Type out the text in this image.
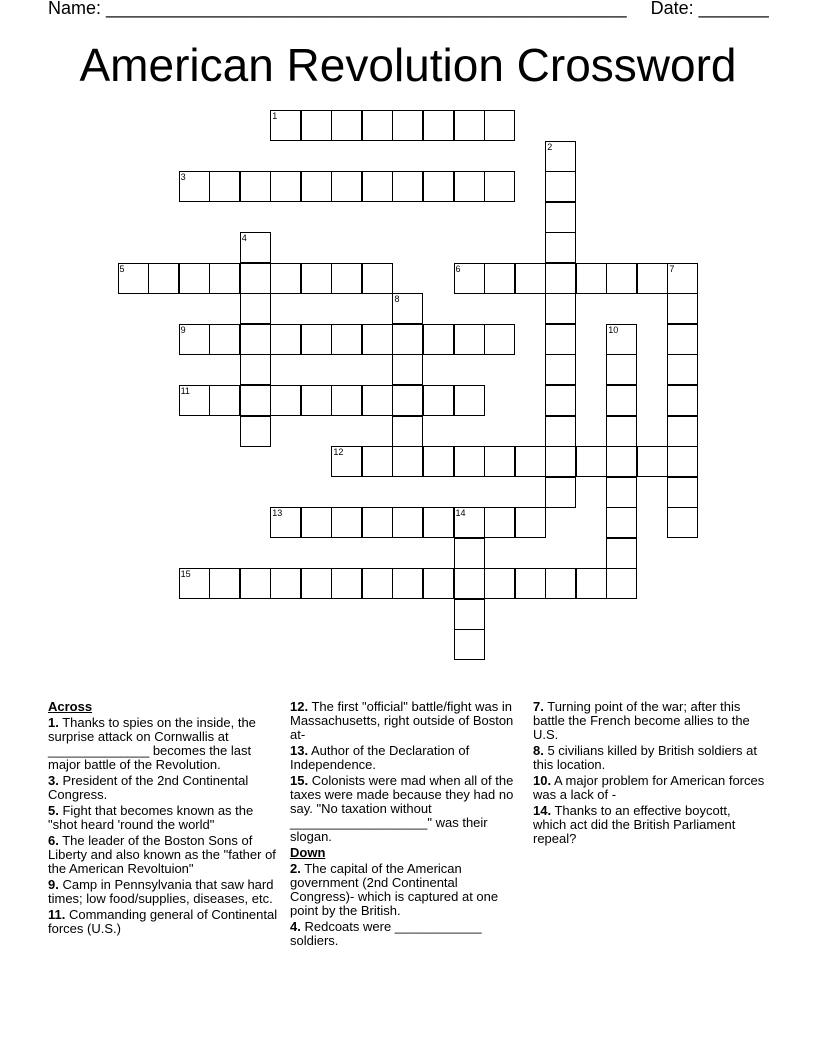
Name: ____________________________________________________ Date: _______
American Revolution Crossword
1
2
3
4
5	6	7
8
9	10
11
12
13	14
15
Across
1. Thanks to spies on the inside, the surprise attack on Cornwallis at ______________ becomes the last major battle of the Revolution.
3. President of the 2nd Continental Congress.
5. Fight that becomes known as the "shot heard 'round the world"
6. The leader of the Boston Sons of Liberty and also known as the "father of the American Revoltuion"
9. Camp in Pennsylvania that saw hard times; low food/supplies, diseases, etc.
11. Commanding general of Continental forces (U.S.)
12. The first "official" battle/fight was in Massachusetts, right outside of Boston at-
13. Author of the Declaration of Independence.
15. Colonists were mad when all of the taxes were made because they had no say. "No taxation without ___________________" was their slogan.
Down
2. The capital of the American government (2nd Continental Congress)- which is captured at one point by the British.
4. Redcoats were ____________ soldiers.
7. Turning point of the war; after this battle the French become allies to the U.S.
8. 5 civilians killed by British soldiers at this location.
10. A major problem for American forces was a lack of -
14. Thanks to an effective boycott, which act did the British Parliament repeal?
